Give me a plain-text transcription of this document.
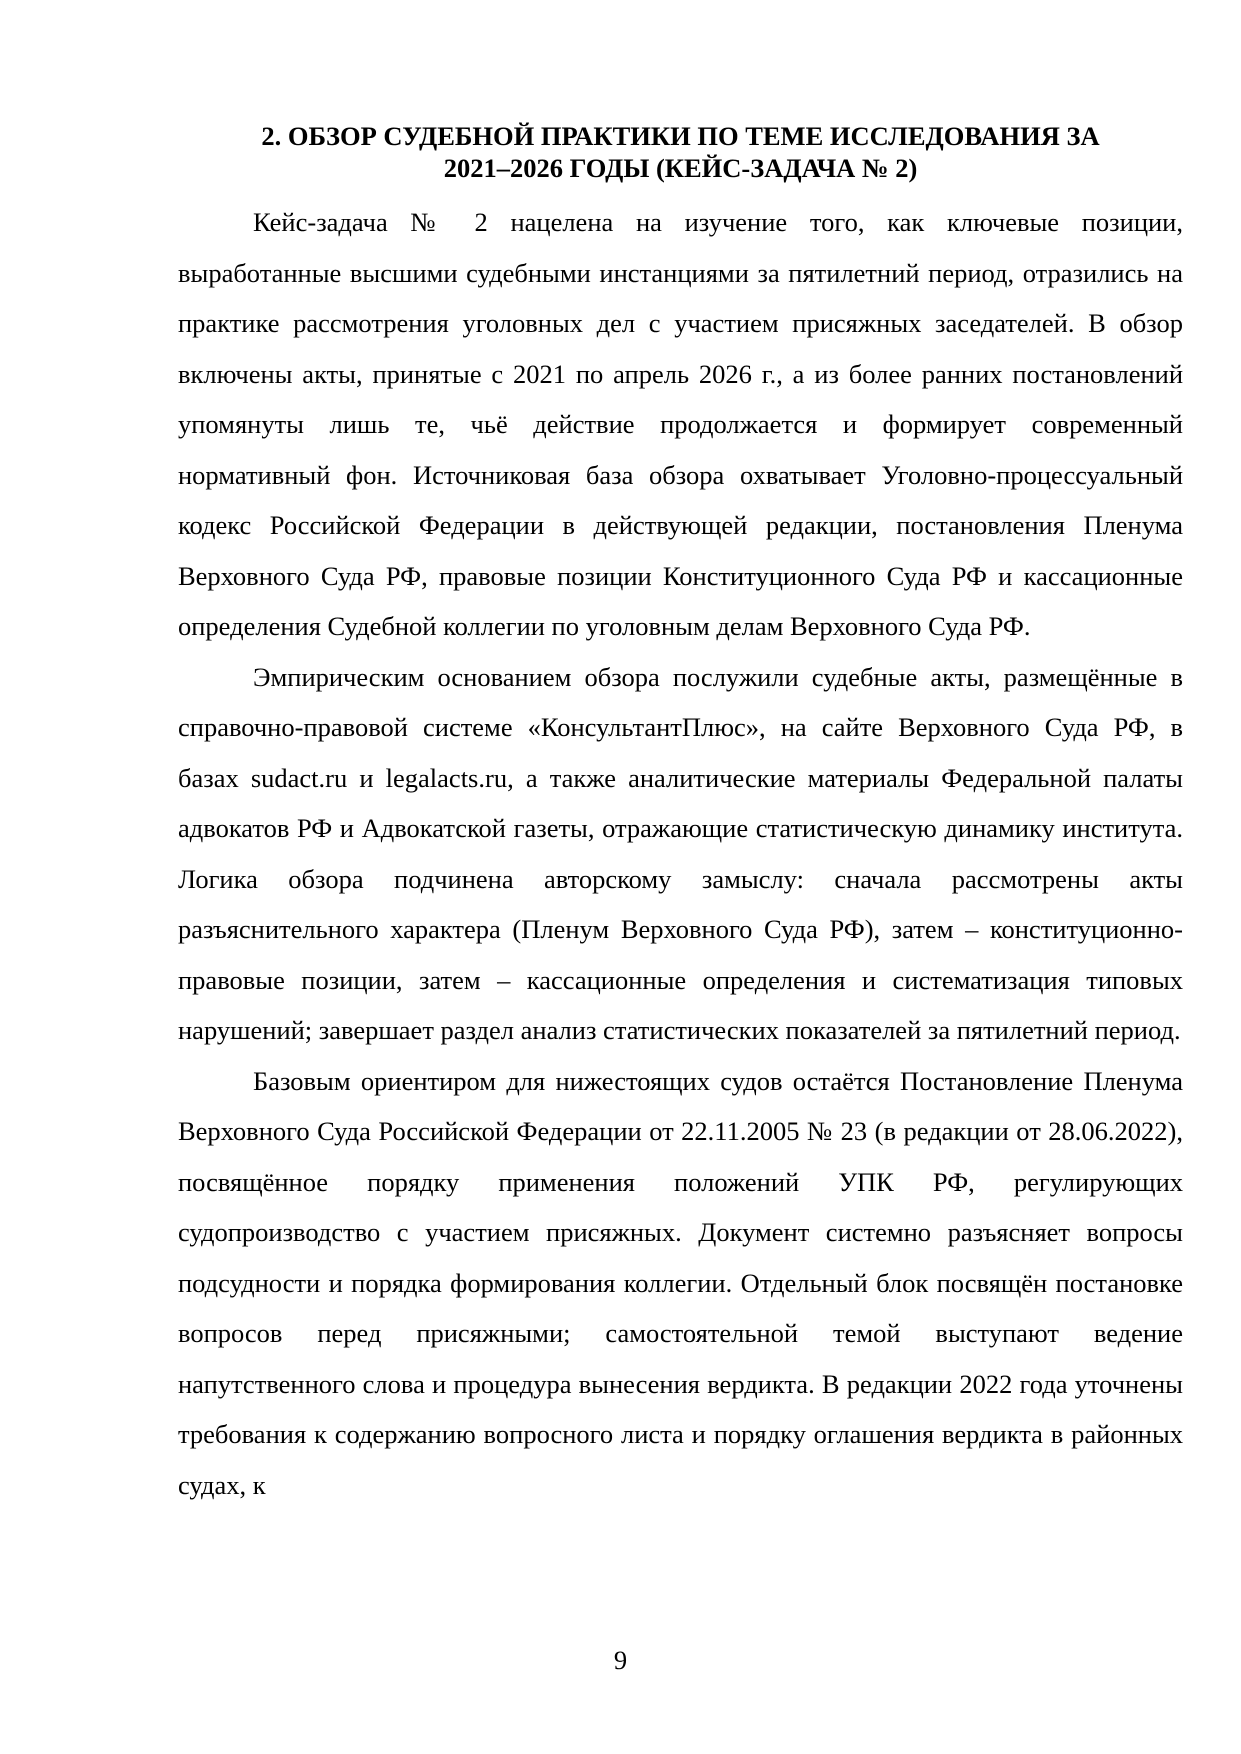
2. ОБЗОР СУДЕБНОЙ ПРАКТИКИ ПО ТЕМЕ ИССЛЕДОВАНИЯ ЗА
2021–2026 ГОДЫ (КЕЙС-ЗАДАЧА № 2)

Кейс-задача № 2 нацелена на изучение того, как ключевые позиции, выработанные высшими судебными инстанциями за пятилетний период, отразились на практике рассмотрения уголовных дел с участием присяжных заседателей. В обзор включены акты, принятые с 2021 по апрель 2026 г., а из более ранних постановлений упомянуты лишь те, чьё действие продолжается и формирует современный нормативный фон. Источниковая база обзора охватывает Уголовно-процессуальный кодекс Российской Федерации в действующей редакции, постановления Пленума Верховного Суда РФ, правовые позиции Конституционного Суда РФ и кассационные определения Судебной коллегии по уголовным делам Верховного Суда РФ.

Эмпирическим основанием обзора послужили судебные акты, размещённые в справочно-правовой системе «КонсультантПлюс», на сайте Верховного Суда РФ, в базах sudact.ru и legalacts.ru, а также аналитические материалы Федеральной палаты адвокатов РФ и Адвокатской газеты, отражающие статистическую динамику института. Логика обзора подчинена авторскому замыслу: сначала рассмотрены акты разъяснительного характера (Пленум Верховного Суда РФ), затем – конституционно-правовые позиции, затем – кассационные определения и систематизация типовых нарушений; завершает раздел анализ статистических показателей за пятилетний период.

Базовым ориентиром для нижестоящих судов остаётся Постановление Пленума Верховного Суда Российской Федерации от 22.11.2005 № 23 (в редакции от 28.06.2022), посвящённое порядку применения положений УПК РФ, регулирующих судопроизводство с участием присяжных. Документ системно разъясняет вопросы подсудности и порядка формирования коллегии. Отдельный блок посвящён постановке вопросов перед присяжными; самостоятельной темой выступают ведение напутственного слова и процедура вынесения вердикта. В редакции 2022 года уточнены требования к содержанию вопросного листа и порядку оглашения вердикта в районных судах, к

9
